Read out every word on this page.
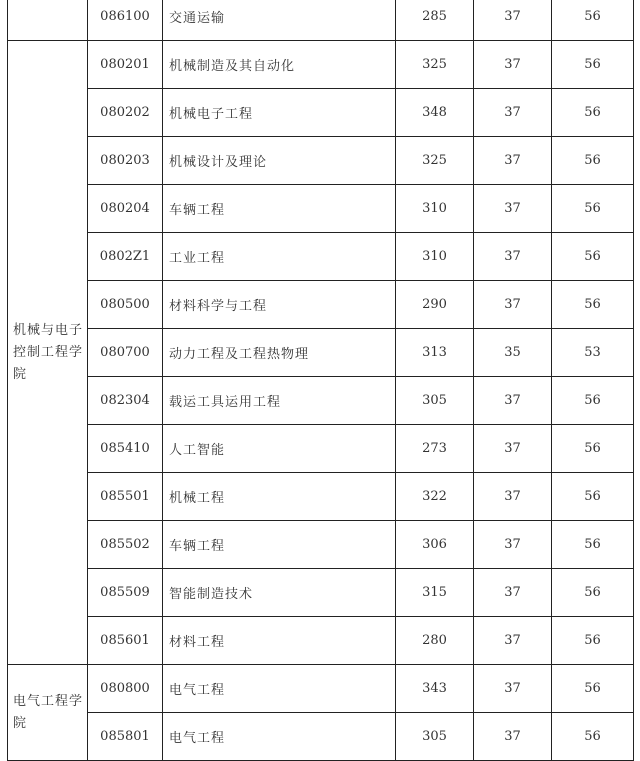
	086100	交通运输	285	37	56
机械与电子控制工程学院	080201	机械制造及其自动化	325	37	56
	080202	机械电子工程	348	37	56
	080203	机械设计及理论	325	37	56
	080204	车辆工程	310	37	56
	0802Z1	工业工程	310	37	56
	080500	材料科学与工程	290	37	56
	080700	动力工程及工程热物理	313	35	53
	082304	载运工具运用工程	305	37	56
	085410	人工智能	273	37	56
	085501	机械工程	322	37	56
	085502	车辆工程	306	37	56
	085509	智能制造技术	315	37	56
	085601	材料工程	280	37	56
电气工程学院	080800	电气工程	343	37	56
	085801	电气工程	305	37	56
